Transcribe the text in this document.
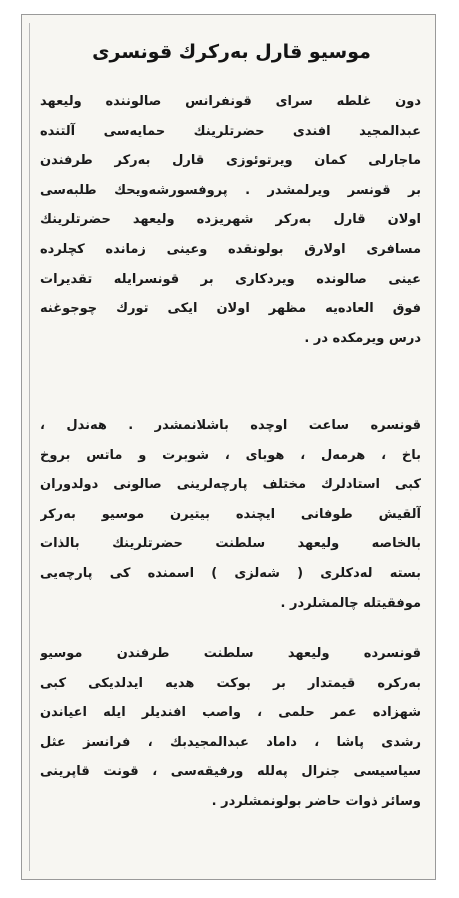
موسیو قارل بەرکرك قونسری
دون غلطه سرای قونفرانس صالوننده ولیعهد
عبدالمجید افندی حضرتلرینك حمایەسی آلتنده
ماجارلی کمان ویرتوئوزی قارل بەرکر طرفندن
بر قونسر ویرلمشدر . پروفسورشەویحك طلبەسی
اولان قارل بەرکر شهریزده ولیعهد حضرتلرینك
مسافری اولارق بولونقده وعینی زمانده کچلرده
عینی صالونده ویردکاری بر قونسرایله تقدیرات
فوق العادەیە مظهر اولان ایکی تورك چوجوغنه
درس ویرمکده در .
قونسره ساعت اوچده باشلانمشدر . هەندل ،
باخ ، هرمەل ، هوبای ، شوبرت و ماتس بروخ
کبی استادلرك مختلف پارچەلرینی صالونی دولدوران
آلقیش طوفانی ایچنده بیتیرن موسیو بەرکر
بالخاصه ولیعهد سلطنت حضرتلرینك بالذات
بسته لەدکلری ( شەلزی ) اسمنده کی پارچەیی
موفقیتله چالمشلردر .
قونسرده ولیعهد سلطنت طرفندن موسیو
بەرکره قیمتدار بر بوکت هدیه ایدلدیکی کبی
شهزاده عمر حلمی ، واصب افندیلر ایله اعیاندن
رشدی پاشا ، داماد عبدالمجیدبك ، فرانسز عثل
سیاسیسی جنرال پەللە ورفیقەسی ، قونت قاپرینی
وسائر ذوات حاضر بولونمشلردر .
